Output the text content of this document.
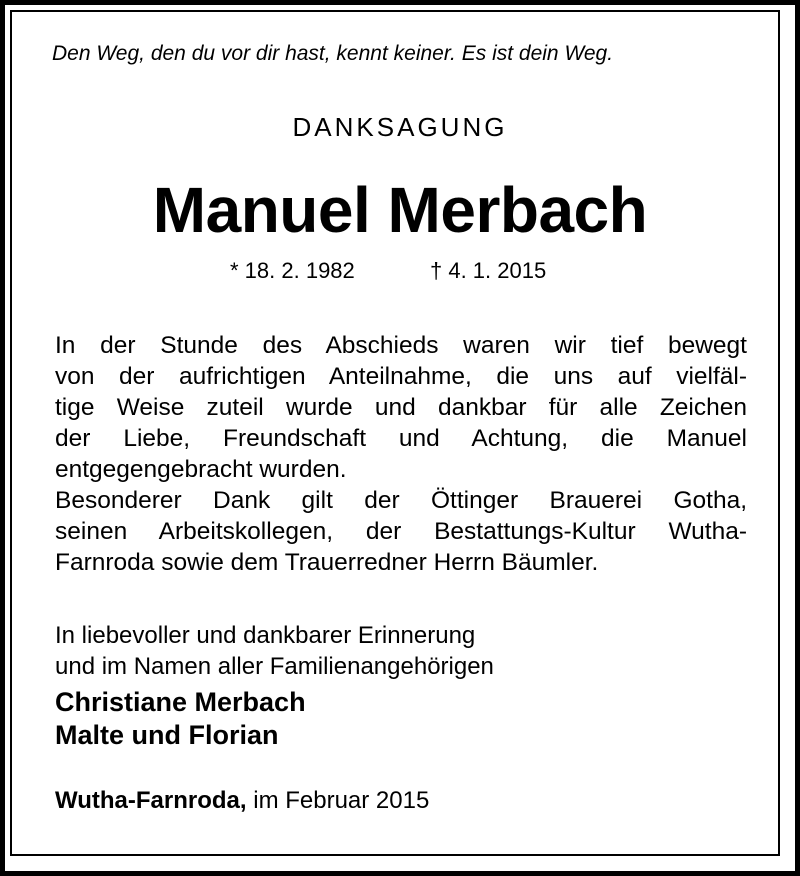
Den Weg, den du vor dir hast, kennt keiner. Es ist dein Weg.
DANKSAGUNG
Manuel Merbach
* 18. 2. 1982	† 4. 1. 2015
In der Stunde des Abschieds waren wir tief bewegt
von der aufrichtigen Anteilnahme, die uns auf vielfäl-
tige Weise zuteil wurde und dankbar für alle Zeichen
der Liebe, Freundschaft und Achtung, die Manuel
entgegengebracht wurden.
Besonderer Dank gilt der Öttinger Brauerei Gotha,
seinen Arbeitskollegen, der Bestattungs-Kultur Wutha-
Farnroda sowie dem Trauerredner Herrn Bäumler.
In liebevoller und dankbarer Erinnerung
und im Namen aller Familienangehörigen
Christiane Merbach
Malte und Florian
Wutha-Farnroda, im Februar 2015
